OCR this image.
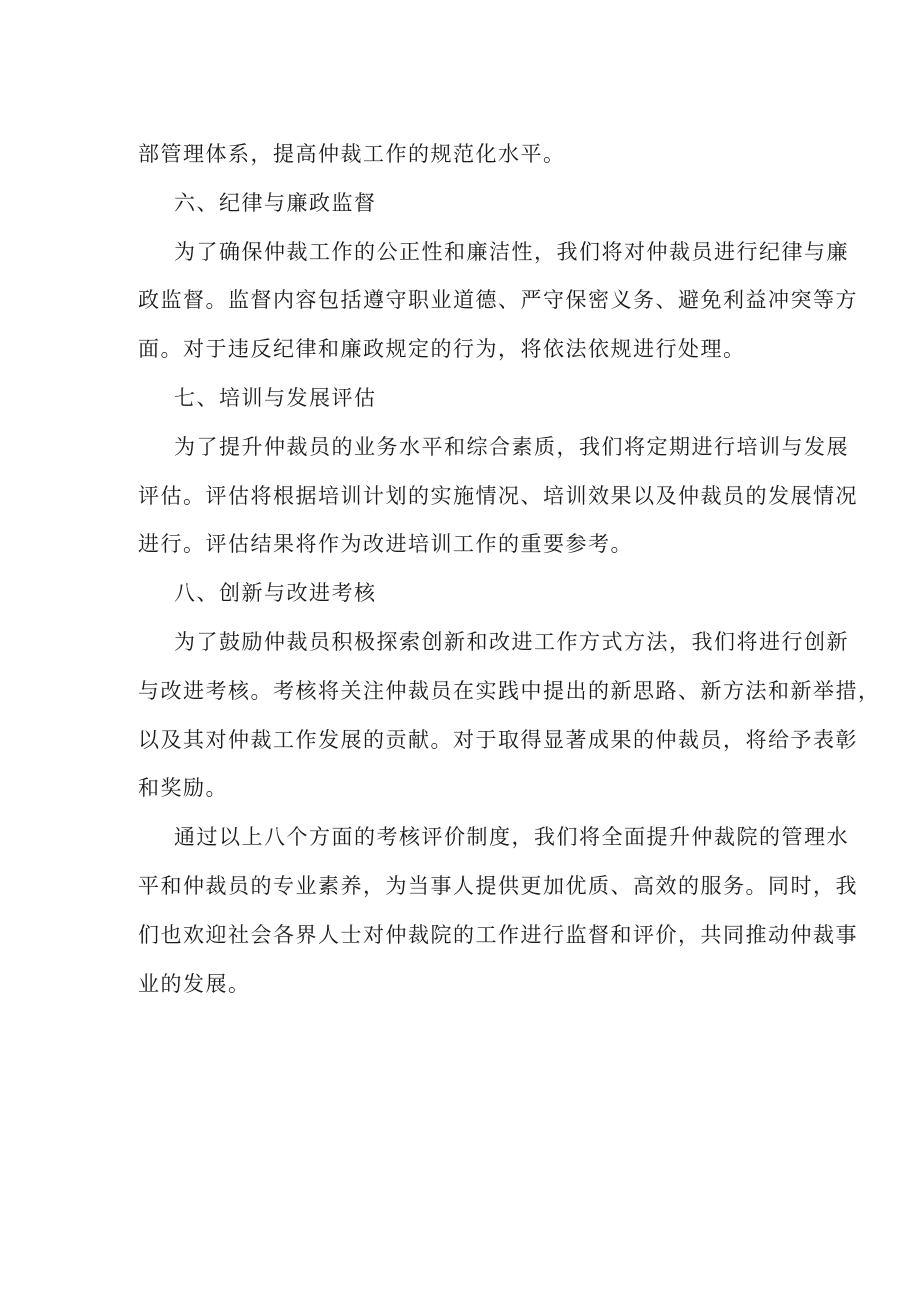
部管理体系，提高仲裁工作的规范化水平。
六、纪律与廉政监督
为了确保仲裁工作的公正性和廉洁性，我们将对仲裁员进行纪律与廉
政监督。监督内容包括遵守职业道德、严守保密义务、避免利益冲突等方
面。对于违反纪律和廉政规定的行为，将依法依规进行处理。
七、培训与发展评估
为了提升仲裁员的业务水平和综合素质，我们将定期进行培训与发展
评估。评估将根据培训计划的实施情况、培训效果以及仲裁员的发展情况
进行。评估结果将作为改进培训工作的重要参考。
八、创新与改进考核
为了鼓励仲裁员积极探索创新和改进工作方式方法，我们将进行创新
与改进考核。考核将关注仲裁员在实践中提出的新思路、新方法和新举措，
以及其对仲裁工作发展的贡献。对于取得显著成果的仲裁员，将给予表彰
和奖励。
通过以上八个方面的考核评价制度，我们将全面提升仲裁院的管理水
平和仲裁员的专业素养，为当事人提供更加优质、高效的服务。同时，我
们也欢迎社会各界人士对仲裁院的工作进行监督和评价，共同推动仲裁事
业的发展。
